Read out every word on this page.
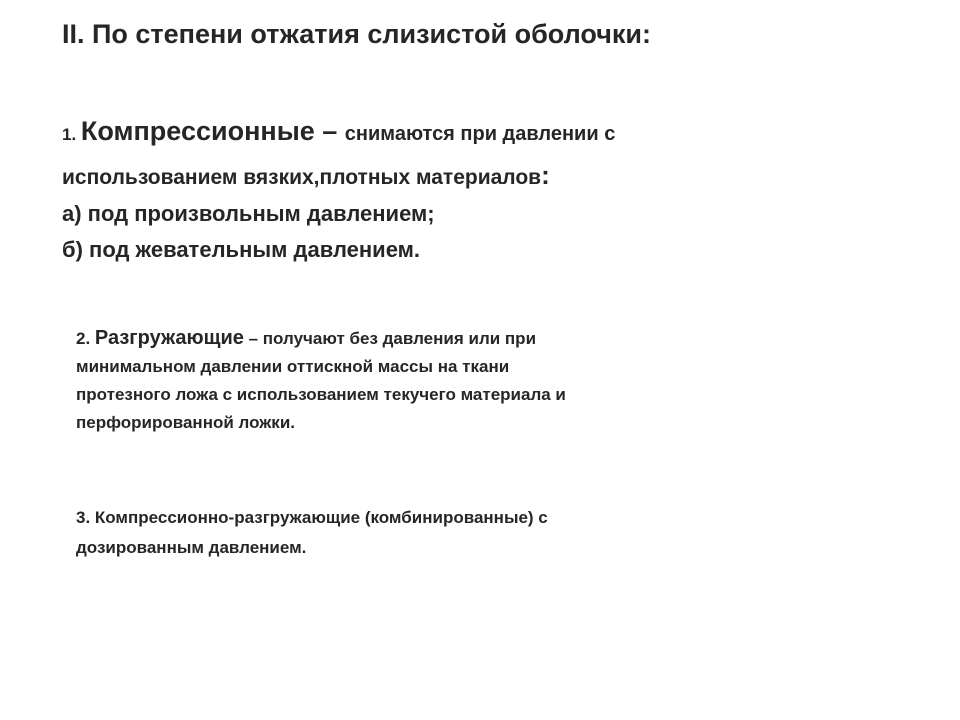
II. По степени отжатия слизистой оболочки:
1. Компрессионные – снимаются при давлении с
использованием вязких,плотных материалов:
а) под произвольным давлением;
б) под жевательным давлением.
2. Разгружающие – получают без давления или при
минимальном давлении оттискной массы на ткани
протезного ложа с использованием текучего материала и
перфорированной ложки.
3. Компрессионно-разгружающие (комбинированные) с
дозированным давлением.
